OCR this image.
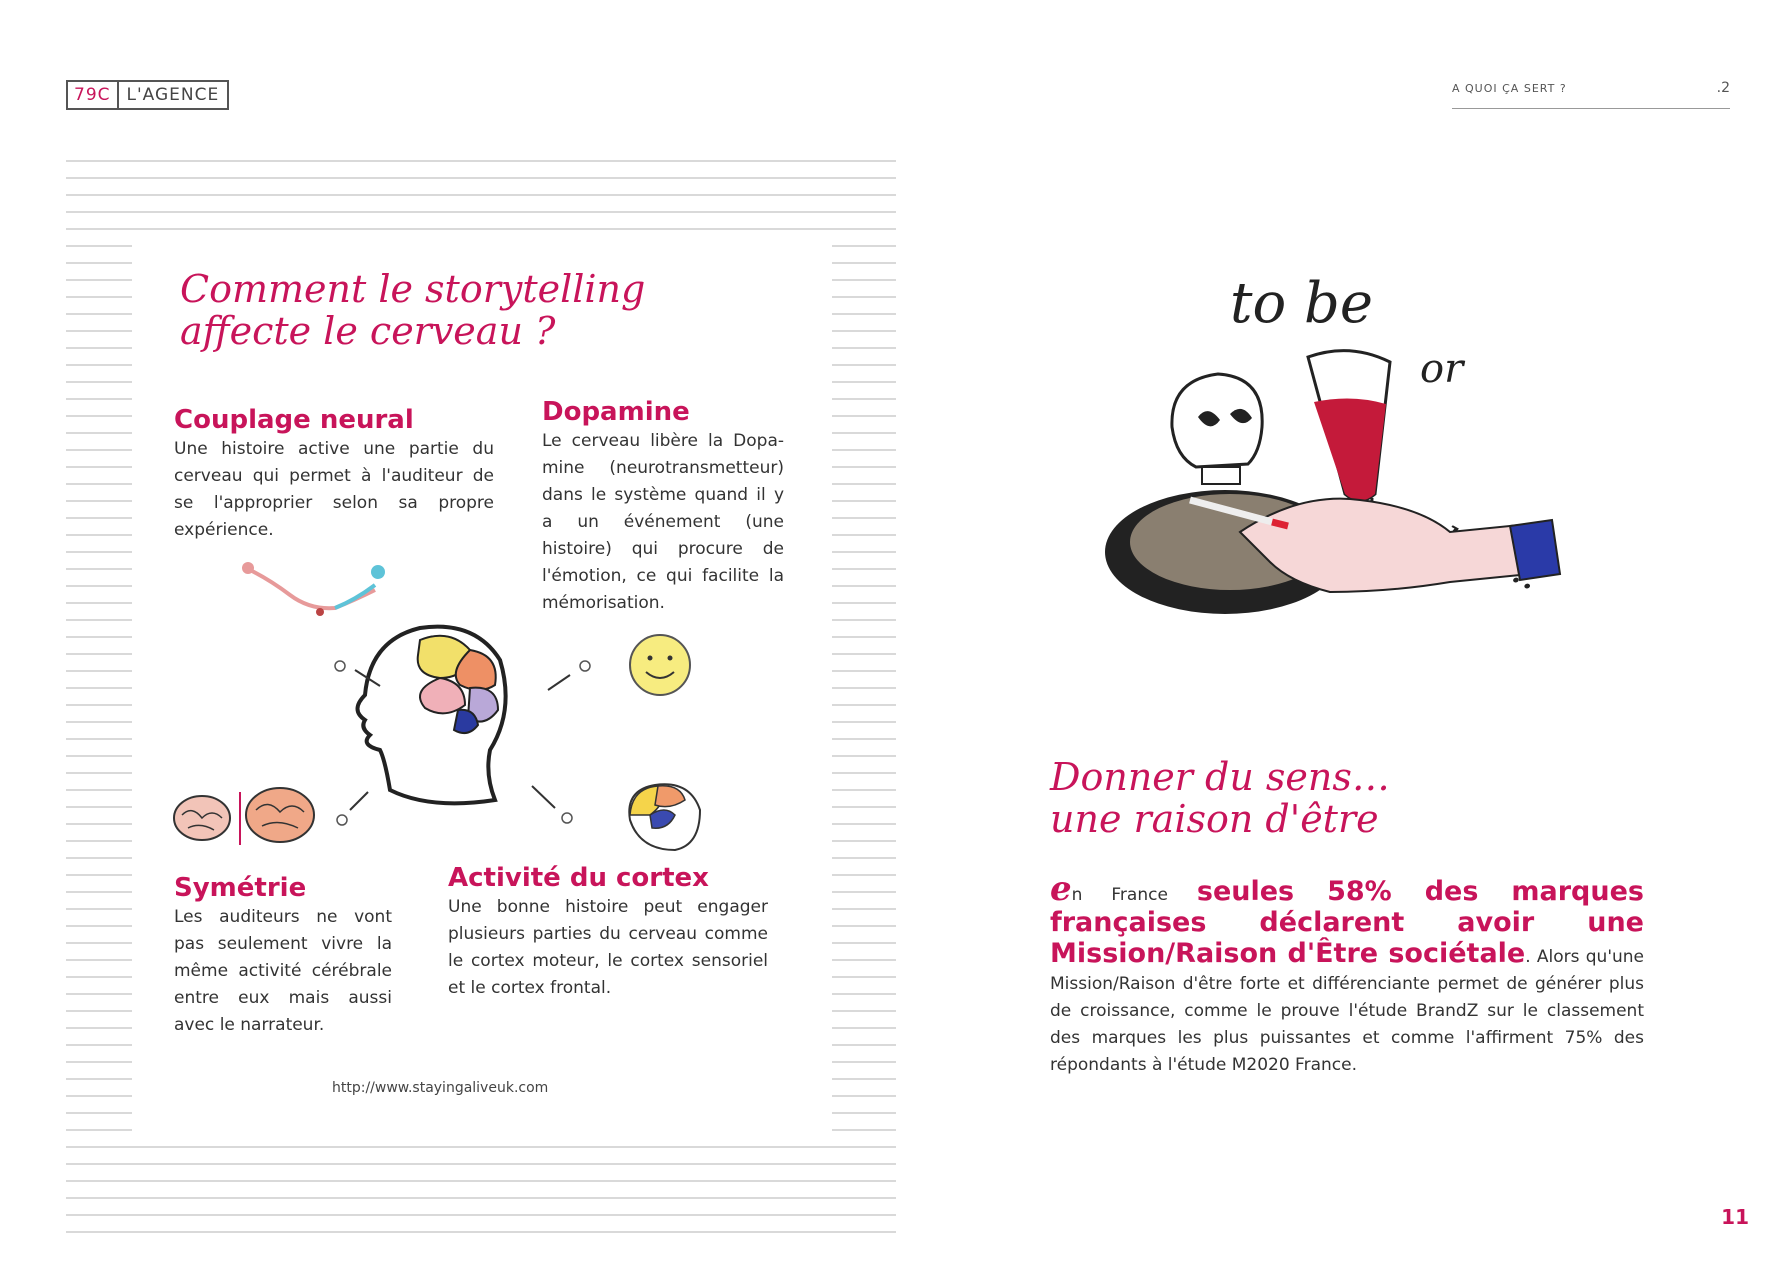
79C L'AGENCE	A QUOI ÇA SERT ?	.2
Comment le storytelling
affecte le cerveau ?
Couplage neural

Une histoire active une partie du cerveau qui permet à l'auditeur de se l'approprier selon sa propre expérience.

Dopamine

Le cerveau libère la Dopa-mine (neurotransmetteur) dans le système quand il y a un événement (une histoire) qui procure de l'émotion, ce qui facilite la mémorisation.

Symétrie

Les auditeurs ne vont pas seulement vivre la même activité cérébrale entre eux mais aussi avec le narrateur.

Activité du cortex

Une bonne histoire peut engager plusieurs parties du cerveau comme le cortex moteur, le cortex sensoriel et le cortex frontal.

http://www.stayingaliveuk.com
to be
or
Donner du sens…
une raison d'être
en France seules 58% des marques françaises déclarent avoir une Mission/Raison d'Être sociétale. Alors qu'une Mission/Raison d'être forte et différenciante permet de générer plus de croissance, comme le prouve l'étude BrandZ sur le classement des marques les plus puissantes et comme l'affirment 75% des répondants à l'étude M2020 France.
11
